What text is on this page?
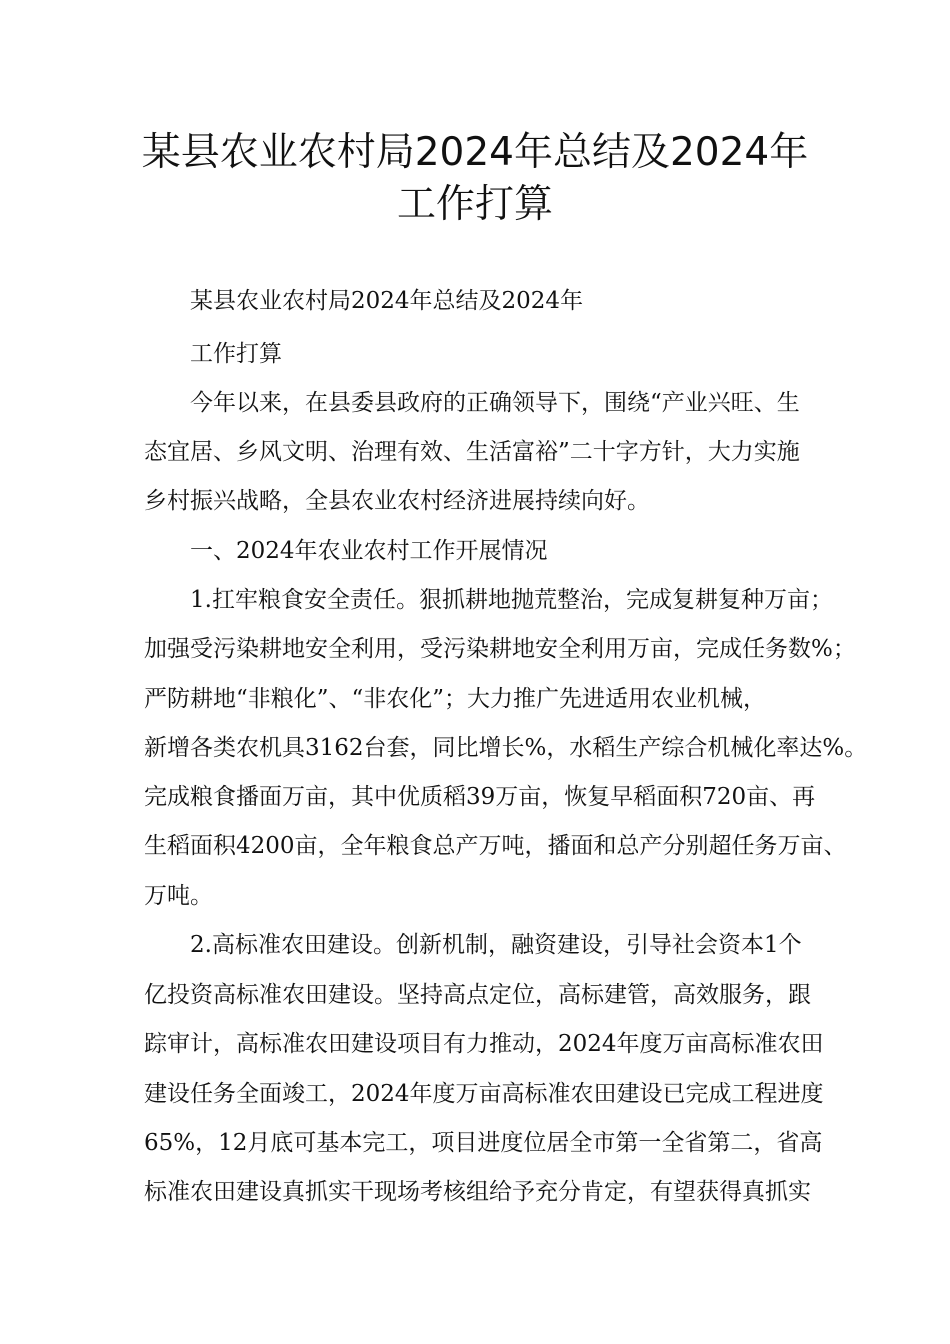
某县农业农村局2024年总结及2024年
工作打算
某县农业农村局2024年总结及2024年
工作打算
今年以来，在县委县政府的正确领导下，围绕“产业兴旺、生
态宜居、乡风文明、治理有效、生活富裕”二十字方针，大力实施
乡村振兴战略，全县农业农村经济进展持续向好。
一、2024年农业农村工作开展情况
1.扛牢粮食安全责任。狠抓耕地抛荒整治，完成复耕复种万亩；
加强受污染耕地安全利用，受污染耕地安全利用万亩，完成任务数%；
严防耕地“非粮化”、“非农化”；大力推广先进适用农业机械，
新增各类农机具3162台套，同比增长%，水稻生产综合机械化率达%。
完成粮食播面万亩，其中优质稻39万亩，恢复早稻面积720亩、再
生稻面积4200亩，全年粮食总产万吨，播面和总产分别超任务万亩、
万吨。
2.高标准农田建设。创新机制，融资建设，引导社会资本1个
亿投资高标准农田建设。坚持高点定位，高标建管，高效服务，跟
踪审计，高标准农田建设项目有力推动，2024年度万亩高标准农田
建设任务全面竣工，2024年度万亩高标准农田建设已完成工程进度
65%，12月底可基本完工，项目进度位居全市第一全省第二，省高
标准农田建设真抓实干现场考核组给予充分肯定，有望获得真抓实
